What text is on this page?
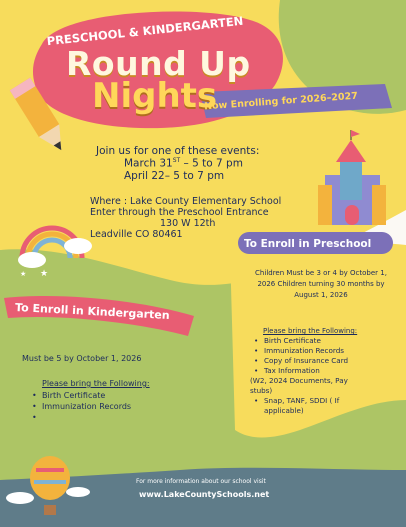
★
★

PRESCHOOL & KINDERGARTEN

Round Up

Nights

Now Enrolling for 2026–2027

Join us for one of these events:
March 31ST – 5 to 7 pm
April 22– 5 to 7 pm
Where : Lake County Elementary School
Enter through the Preschool Entrance
130 W 12th
Leadville CO 80461

To Enroll in Preschool

Children Must be 3 or 4 by October 1, 2026 Children turning 30 months by August 1, 2026

Please bring the Following:

• Birth Certificate
• Immunization Records
• Copy of Insurance Card
• Tax Information
(W2, 2024 Documents, Pay
stubs)
• Snap, TANF, SDDI ( If
applicable)

To Enroll in Kindergarten

Must be 5 by October 1, 2026

Please bring the Following:

• Birth Certificate
• Immunization Records
•

For more information about our school visit

www.LakeCountySchools.net
